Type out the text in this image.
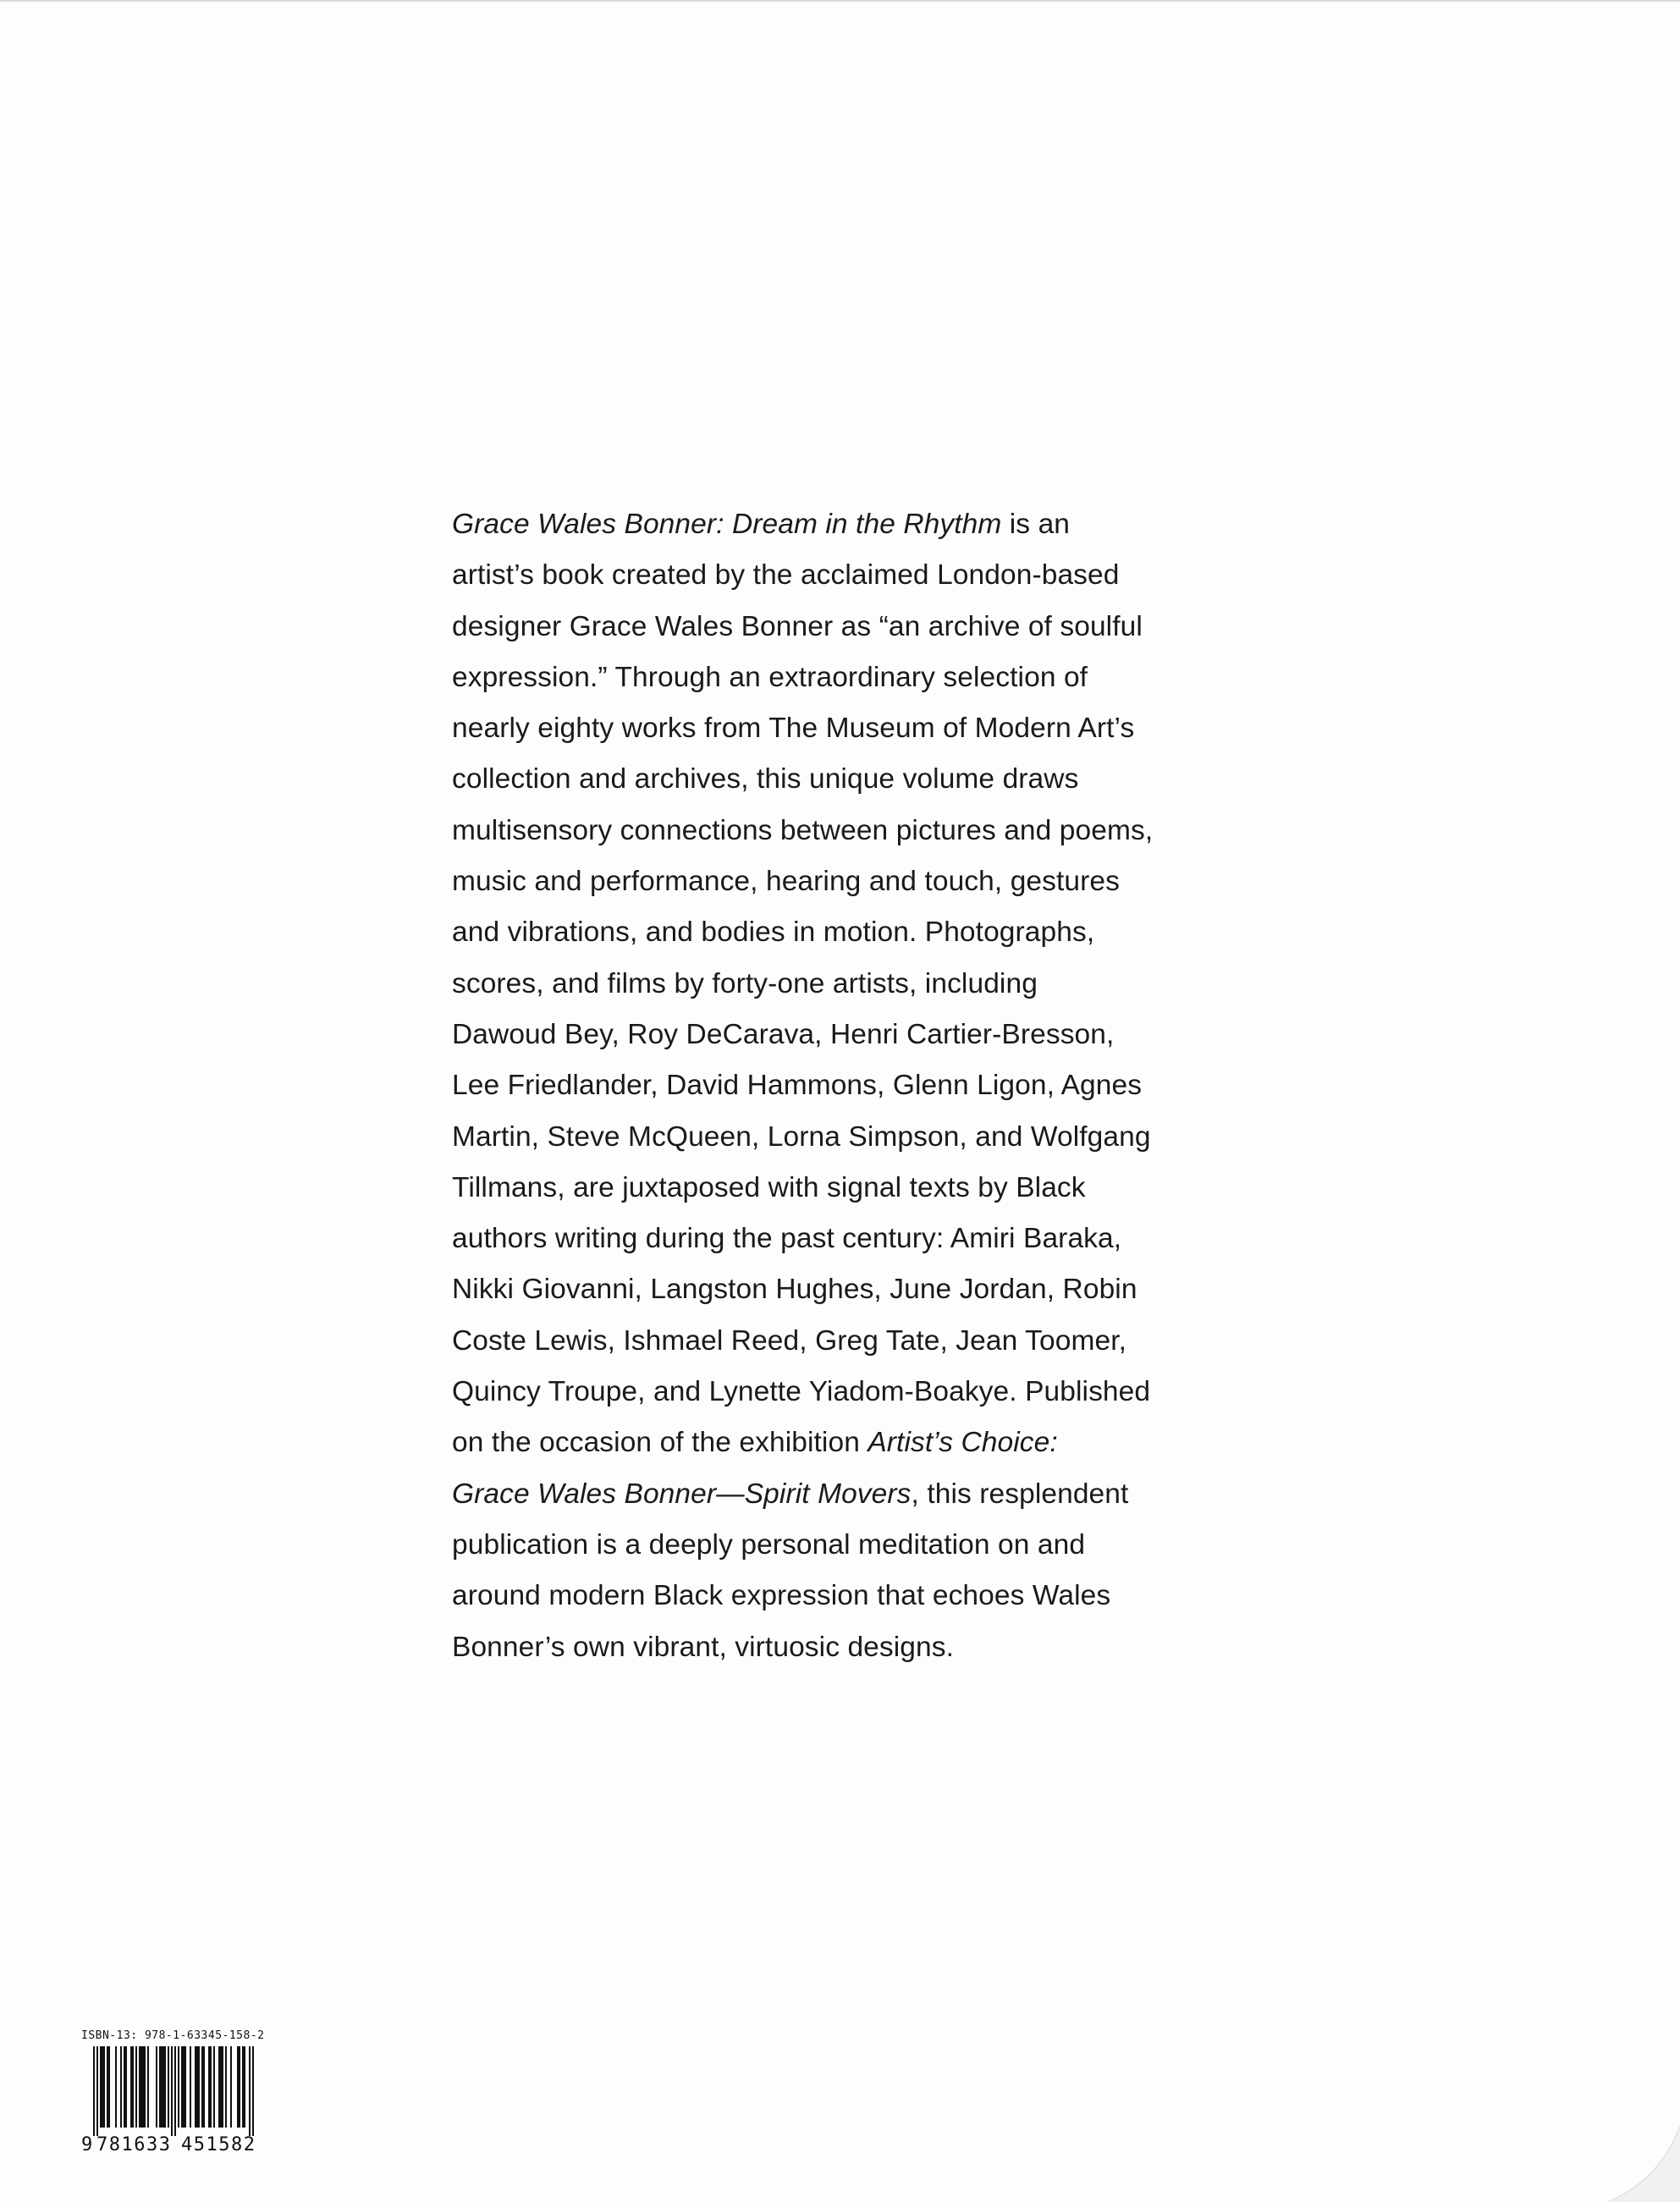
Grace Wales Bonner: Dream in the Rhythm is an
artist’s book created by the acclaimed London-based
designer Grace Wales Bonner as “an archive of soulful
expression.” Through an extraordinary selection of
nearly eighty works from The Museum of Modern Art’s
collection and archives, this unique volume draws
multisensory connections between pictures and poems,
music and performance, hearing and touch, gestures
and vibrations, and bodies in motion. Photographs,
scores, and films by forty-one artists, including
Dawoud Bey, Roy DeCarava, Henri Cartier-Bresson,
Lee Friedlander, David Hammons, Glenn Ligon, Agnes
Martin, Steve McQueen, Lorna Simpson, and Wolfgang
Tillmans, are juxtaposed with signal texts by Black
authors writing during the past century: Amiri Baraka,
Nikki Giovanni, Langston Hughes, June Jordan, Robin
Coste Lewis, Ishmael Reed, Greg Tate, Jean Toomer,
Quincy Troupe, and Lynette Yiadom-Boakye. Published
on the occasion of the exhibition Artist’s Choice:
Grace Wales Bonner—Spirit Movers, this resplendent
publication is a deeply personal meditation on and
around modern Black expression that echoes Wales
Bonner’s own vibrant, virtuosic designs.

ISBN-13: 978-1-63345-158-2
9 781633 451582
